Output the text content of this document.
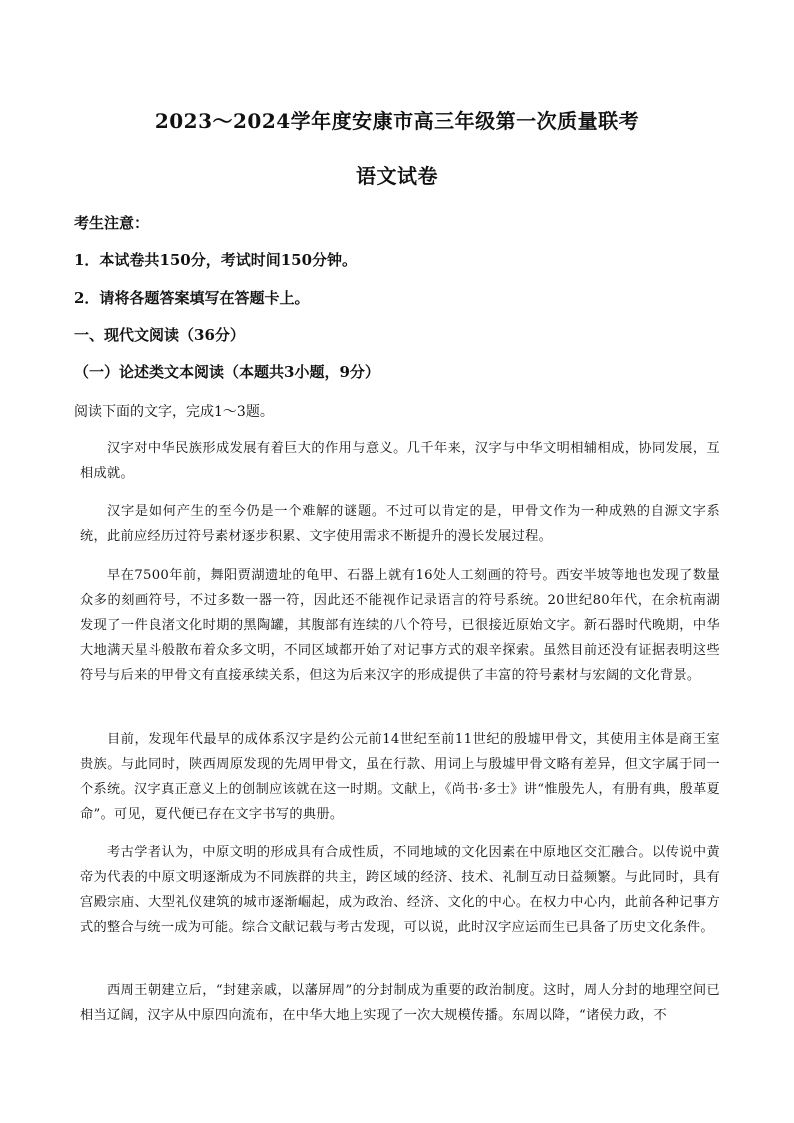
2023～2024学年度安康市高三年级第一次质量联考
语文试卷
考生注意：
1．本试卷共150分，考试时间150分钟。
2．请将各题答案填写在答题卡上。
一、现代文阅读（36分）
（一）论述类文本阅读（本题共3小题，9分）
阅读下面的文字，完成1～3题。
汉字对中华民族形成发展有着巨大的作用与意义。几千年来，汉字与中华文明相辅相成，协同发展，互相成就。
汉字是如何产生的至今仍是一个难解的谜题。不过可以肯定的是，甲骨文作为一种成熟的自源文字系统，此前应经历过符号素材逐步积累、文字使用需求不断提升的漫长发展过程。
早在7500年前，舞阳贾湖遗址的龟甲、石器上就有16处人工刻画的符号。西安半坡等地也发现了数量众多的刻画符号，不过多数一器一符，因此还不能视作记录语言的符号系统。20世纪80年代，在余杭南湖发现了一件良渚文化时期的黑陶罐，其腹部有连续的八个符号，已很接近原始文字。新石器时代晚期，中华大地满天星斗般散布着众多文明，不同区域都开始了对记事方式的艰辛探索。虽然目前还没有证据表明这些符号与后来的甲骨文有直接承续关系，但这为后来汉字的形成提供了丰富的符号素材与宏阔的文化背景。
目前，发现年代最早的成体系汉字是约公元前14世纪至前11世纪的殷墟甲骨文，其使用主体是商王室贵族。与此同时，陕西周原发现的先周甲骨文，虽在行款、用词上与殷墟甲骨文略有差异，但文字属于同一个系统。汉字真正意义上的创制应该就在这一时期。文献上，《尚书·多士》讲“惟殷先人，有册有典，殷革夏命”。可见，夏代便已存在文字书写的典册。
考古学者认为，中原文明的形成具有合成性质，不同地域的文化因素在中原地区交汇融合。以传说中黄帝为代表的中原文明逐渐成为不同族群的共主，跨区域的经济、技术、礼制互动日益频繁。与此同时，具有宫殿宗庙、大型礼仪建筑的城市逐渐崛起，成为政治、经济、文化的中心。在权力中心内，此前各种记事方式的整合与统一成为可能。综合文献记载与考古发现，可以说，此时汉字应运而生已具备了历史文化条件。
西周王朝建立后，“封建亲戚，以藩屏周”的分封制成为重要的政治制度。这时，周人分封的地理空间已相当辽阔，汉字从中原四向流布，在中华大地上实现了一次大规模传播。东周以降，“诸侯力政，不
